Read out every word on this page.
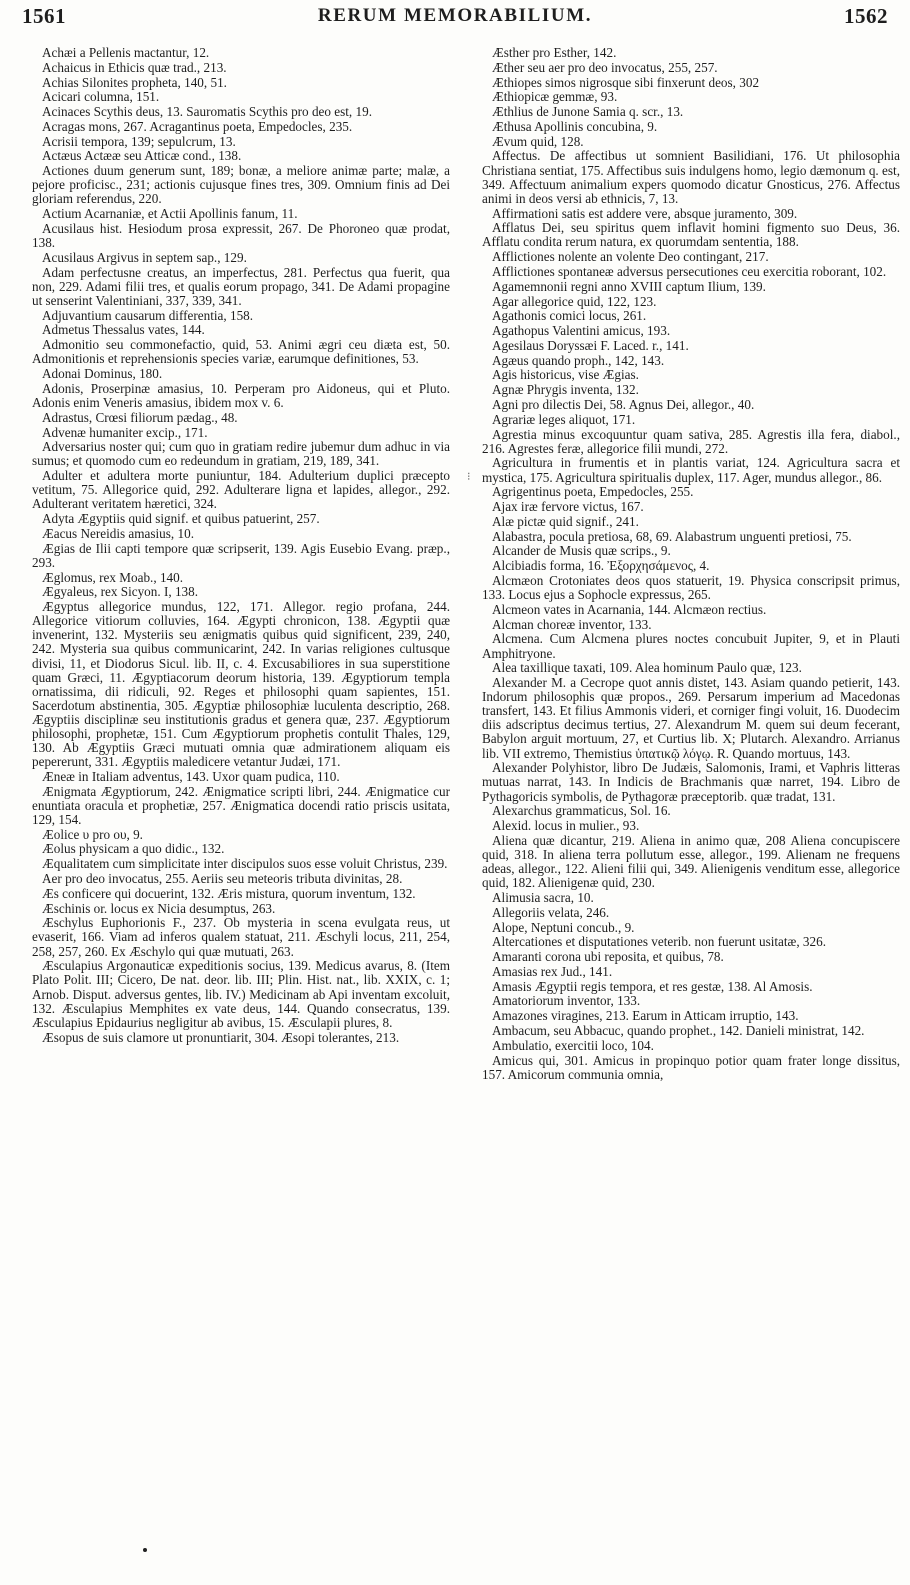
1561	RERUM MEMORABILIUM.	1562

Achæi a Pellenis mactantur, 12.

Achaicus in Ethicis quæ trad., 213.

Achias Silonites propheta, 140, 51.

Acicari columna, 151.

Acinaces Scythis deus, 13. Sauromatis Scythis pro deo est, 19.

Acragas mons, 267. Acragantinus poeta, Empedocles, 235.

Acrisii tempora, 139; sepulcrum, 13.

Actæus Actææ seu Atticæ cond., 138.

Actiones duum generum sunt, 189; bonæ, a meliore animæ parte; malæ, a pejore proficisc., 231; actionis cujusque fines tres, 309. Omnium finis ad Dei gloriam referendus, 220.

Actium Acarnaniæ, et Actii Apollinis fanum, 11.

Acusilaus hist. Hesiodum prosa expressit, 267. De Phoroneo quæ prodat, 138.

Acusilaus Argivus in septem sap., 129.

Adam perfectusne creatus, an imperfectus, 281. Perfectus qua fuerit, qua non, 229. Adami filii tres, et qualis eorum propago, 341. De Adami propagine ut senserint Valentiniani, 337, 339, 341.

Adjuvantium causarum differentia, 158.

Admetus Thessalus vates, 144.

Admonitio seu commonefactio, quid, 53. Animi ægri ceu diæta est, 50. Admonitionis et reprehensionis species variæ, earumque definitiones, 53.

Adonai Dominus, 180.

Adonis, Proserpinæ amasius, 10. Perperam pro Aidoneus, qui et Pluto. Adonis enim Veneris amasius, ibidem mox v. 6.

Adrastus, Crœsi filiorum pædag., 48.

Advenæ humaniter excip., 171.

Adversarius noster qui; cum quo in gratiam redire jubemur dum adhuc in via sumus; et quomodo cum eo redeundum in gratiam, 219, 189, 341.

Adulter et adultera morte puniuntur, 184. Adulterium duplici præcepto vetitum, 75. Allegorice quid, 292. Adulterare ligna et lapides, allegor., 292. Adulterant veritatem hæretici, 324.

Adyta Ægyptiis quid signif. et quibus patuerint, 257.

Æacus Nereidis amasius, 10.

Ægias de Ilii capti tempore quæ scripserit, 139. Agis Eusebio Evang. præp., 293.

Æglomus, rex Moab., 140.

Ægyaleus, rex Sicyon. I, 138.

Ægyptus allegorice mundus, 122, 171. Allegor. regio profana, 244. Allegorice vitiorum colluvies, 164. Ægypti chronicon, 138. Ægyptii quæ invenerint, 132. Mysteriis seu ænigmatis quibus quid significent, 239, 240, 242. Mysteria sua quibus communicarint, 242. In varias religiones cultusque divisi, 11, et Diodorus Sicul. lib. II, c. 4. Excusabiliores in sua superstitione quam Græci, 11. Ægyptiacorum deorum historia, 139. Ægyptiorum templa ornatissima, dii ridiculi, 92. Reges et philosophi quam sapientes, 151. Sacerdotum abstinentia, 305. Ægyptiæ philosophiæ luculenta descriptio, 268. Ægyptiis disciplinæ seu institutionis gradus et genera quæ, 237. Ægyptiorum philosophi, prophetæ, 151. Cum Ægyptiorum prophetis contulit Thales, 129, 130. Ab Ægyptiis Græci mutuati omnia quæ admirationem aliquam eis pepererunt, 331. Ægyptiis maledicere vetantur Judæi, 171.

Æneæ in Italiam adventus, 143. Uxor quam pudica, 110.

Ænigmata Ægyptiorum, 242. Ænigmatice scripti libri, 244. Ænigmatice cur enuntiata oracula et prophetiæ, 257. Ænigmatica docendi ratio priscis usitata, 129, 154.

Æolice υ pro ου, 9.

Æolus physicam a quo didic., 132.

Æqualitatem cum simplicitate inter discipulos suos esse voluit Christus, 239.

Aer pro deo invocatus, 255. Aeriis seu meteoris tributa divinitas, 28.

Æs conficere qui docuerint, 132. Æris mistura, quorum inventum, 132.

Æschinis or. locus ex Nicia desumptus, 263.

Æschylus Euphorionis F., 237. Ob mysteria in scena evulgata reus, ut evaserit, 166. Viam ad inferos qualem statuat, 211. Æschyli locus, 211, 254, 258, 257, 260. Ex Æschylo qui quæ mutuati, 263.

Æsculapius Argonauticæ expeditionis socius, 139. Medicus avarus, 8. (Item Plato Polit. III; Cicero, De nat. deor. lib. III; Plin. Hist. nat., lib. XXIX, c. 1; Arnob. Disput. adversus gentes, lib. IV.) Medicinam ab Api inventam excoluit, 132. Æsculapius Memphites ex vate deus, 144. Quando consecratus, 139. Æsculapius Epidaurius negligitur ab avibus, 15. Æsculapii plures, 8.

Æsopus de suis clamore ut pronuntiarit, 304. Æsopi tolerantes, 213.

Æsther pro Esther, 142.

Æther seu aer pro deo invocatus, 255, 257.

Æthiopes simos nigrosque sibi finxerunt deos, 302

Æthiopicæ gemmæ, 93.

Æthlius de Junone Samia q. scr., 13.

Æthusa Apollinis concubina, 9.

Ævum quid, 128.

Affectus. De affectibus ut somnient Basilidiani, 176. Ut philosophia Christiana sentiat, 175. Affectibus suis indulgens homo, legio dæmonum q. est, 349. Affectuum animalium expers quomodo dicatur Gnosticus, 276. Affectus animi in deos versi ab ethnicis, 7, 13.

Affirmationi satis est addere vere, absque juramento, 309.

Afflatus Dei, seu spiritus quem inflavit homini figmento suo Deus, 36. Afflatu condita rerum natura, ex quorumdam sententia, 188.

Afflictiones nolente an volente Deo contingant, 217.

Afflictiones spontaneæ adversus persecutiones ceu exercitia roborant, 102.

Agamemnonii regni anno XVIII captum Ilium, 139.

Agar allegorice quid, 122, 123.

Agathonis comici locus, 261.

Agathopus Valentini amicus, 193.

Agesilaus Doryssæi F. Laced. r., 141.

Agæus quando proph., 142, 143.

Agis historicus, vise Ægias.

Agnæ Phrygis inventa, 132.

Agni pro dilectis Dei, 58. Agnus Dei, allegor., 40.

Agrariæ leges aliquot, 171.

Agrestia minus excoquuntur quam sativa, 285. Agrestis illa fera, diabol., 216. Agrestes feræ, allegorice filii mundi, 272.

Agricultura in frumentis et in plantis variat, 124. Agricultura sacra et mystica, 175. Agricultura spiritualis duplex, 117. Ager, mundus allegor., 86.

Agrigentinus poeta, Empedocles, 255.

Ajax iræ fervore victus, 167.

Alæ pictæ quid signif., 241.

Alabastra, pocula pretiosa, 68, 69. Alabastrum unguenti pretiosi, 75.

Alcander de Musis quæ scrips., 9.

Alcibiadis forma, 16. Ἐξορχησάμενος, 4.

Alcmæon Crotoniates deos quos statuerit, 19. Physica conscripsit primus, 133. Locus ejus a Sophocle expressus, 265.

Alcmeon vates in Acarnania, 144. Alcmæon rectius.

Alcman choreæ inventor, 133.

Alcmena. Cum Alcmena plures noctes concubuit Jupiter, 9, et in Plauti Amphitryone.

Alea taxillique taxati, 109. Alea hominum Paulo quæ, 123.

Alexander M. a Cecrope quot annis distet, 143. Asiam quando petierit, 143. Indorum philosophis quæ propos., 269. Persarum imperium ad Macedonas transfert, 143. Et filius Ammonis videri, et corniger fingi voluit, 16. Duodecim diis adscriptus decimus tertius, 27. Alexandrum M. quem sui deum fecerant, Babylon arguit mortuum, 27, et Curtius lib. X; Plutarch. Alexandro. Arrianus lib. VII extremo, Themistius ὑπατικῷ λόγῳ. R. Quando mortuus, 143.

Alexander Polyhistor, libro De Judæis, Salomonis, Irami, et Vaphris litteras mutuas narrat, 143. In Indicis de Brachmanis quæ narret, 194. Libro de Pythagoricis symbolis, de Pythagoræ præceptorib. quæ tradat, 131.

Alexarchus grammaticus, Sol. 16.

Alexid. locus in mulier., 93.

Aliena quæ dicantur, 219. Aliena in animo quæ, 208 Aliena concupiscere quid, 318. In aliena terra pollutum esse, allegor., 199. Alienam ne frequens adeas, allegor., 122. Alieni filii qui, 349. Alienigenis venditum esse, allegorice quid, 182. Alienigenæ quid, 230.

Alimusia sacra, 10.

Allegoriis velata, 246.

Alope, Neptuni concub., 9.

Altercationes et disputationes veterib. non fuerunt usitatæ, 326.

Amaranti corona ubi reposita, et quibus, 78.

Amasias rex Jud., 141.

Amasis Ægyptii regis tempora, et res gestæ, 138. Al Amosis.

Amatoriorum inventor, 133.

Amazones viragines, 213. Earum in Atticam irruptio, 143.

Ambacum, seu Abbacuc, quando prophet., 142. Danieli ministrat, 142.

Ambulatio, exercitii loco, 104.

Amicus qui, 301. Amicus in propinquo potior quam frater longe dissitus, 157. Amicorum communia omnia,

⁝
